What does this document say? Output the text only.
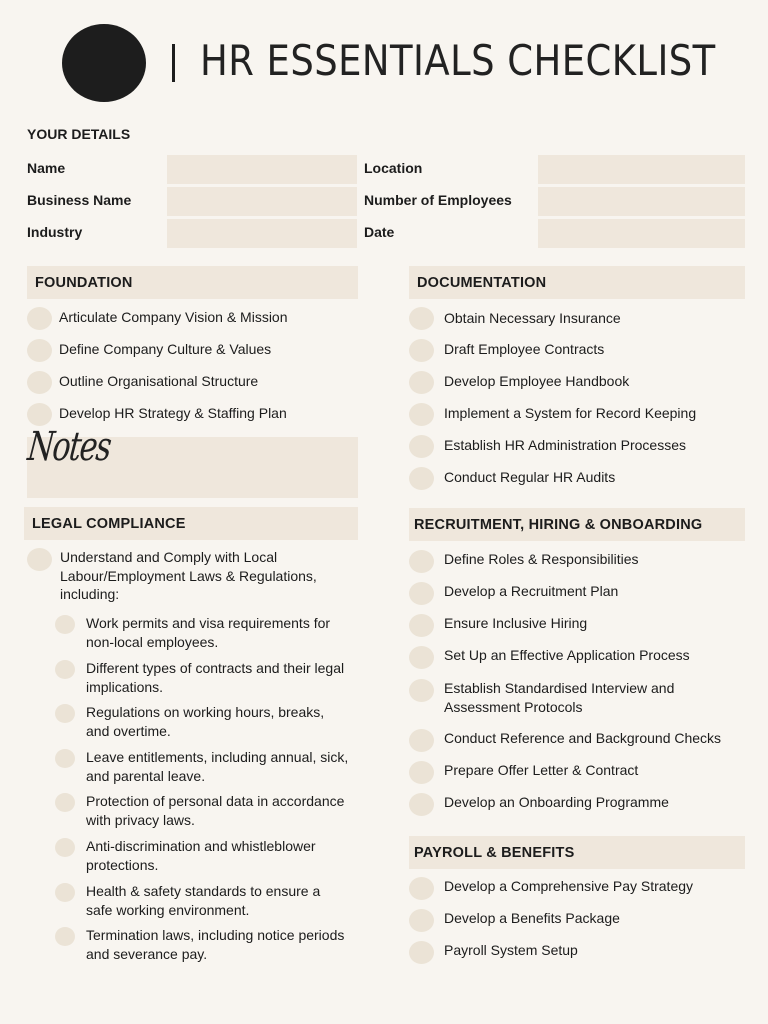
HR ESSENTIALS CHECKLIST
YOUR DETAILS
Name
Business Name
Industry
Location
Number of Employees
Date
FOUNDATION
Articulate Company Vision & Mission
Define Company Culture & Values
Outline Organisational Structure
Develop HR Strategy & Staffing Plan
Notes
LEGAL COMPLIANCE
Understand and Comply with Local Labour/Employment Laws & Regulations, including:
Work permits and visa requirements for non-local employees.
Different types of contracts and their legal implications.
Regulations on working hours, breaks, and overtime.
Leave entitlements, including annual, sick, and parental leave.
Protection of personal data in accordance with privacy laws.
Anti-discrimination and whistleblower protections.
Health & safety standards to ensure a safe working environment.
Termination laws, including notice periods and severance pay.
DOCUMENTATION
Obtain Necessary Insurance
Draft Employee Contracts
Develop Employee Handbook
Implement a System for Record Keeping
Establish HR Administration Processes
Conduct Regular HR Audits
RECRUITMENT, HIRING & ONBOARDING
Define Roles & Responsibilities
Develop a Recruitment Plan
Ensure Inclusive Hiring
Set Up an Effective Application Process
Establish Standardised Interview and Assessment Protocols
Conduct Reference and Background Checks
Prepare Offer Letter & Contract
Develop an Onboarding Programme
PAYROLL & BENEFITS
Develop a Comprehensive Pay Strategy
Develop a Benefits Package
Payroll System Setup
